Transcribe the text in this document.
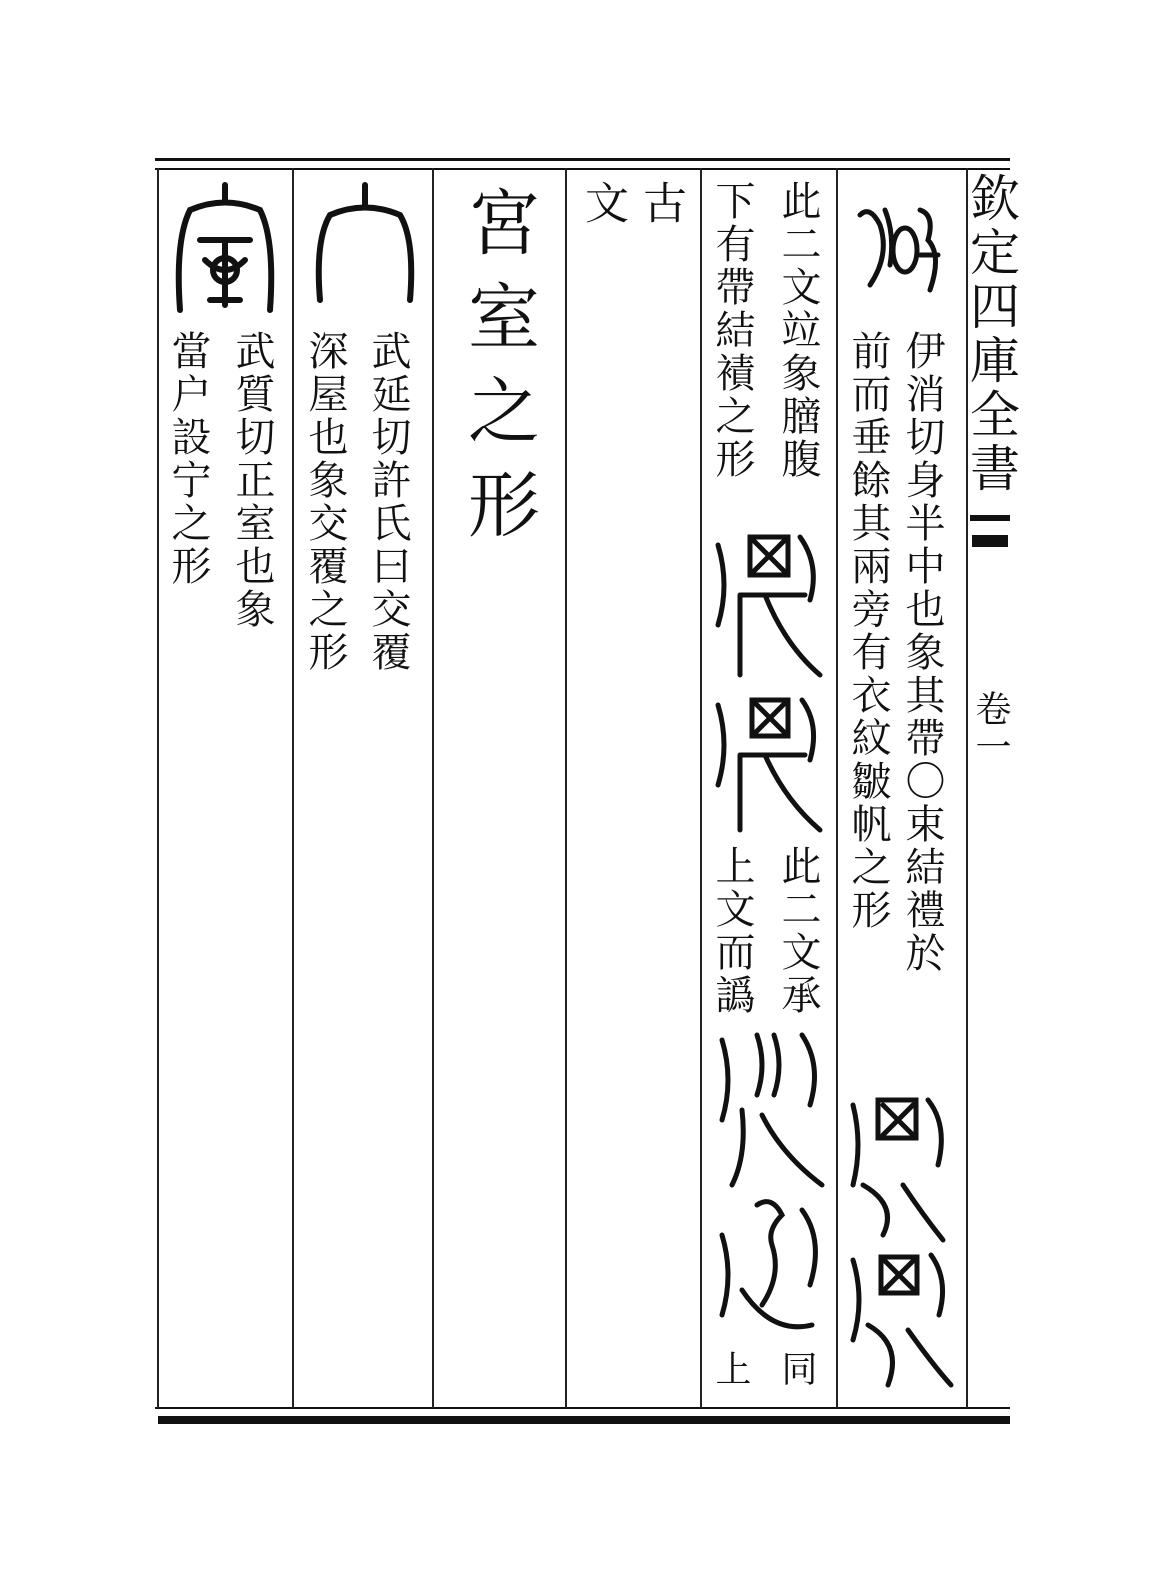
欽定四庫全書
卷一
伊消切身半中也象其帶〇束結禮於
前而垂餘其兩旁有衣紋皺帆之形
此二文竝象膪腹
下有帶結襀之形
此二文承
上文而譌
同
上
古
文
宮室之形
武延切許氏曰交覆
深屋也象交覆之形
武質切正室也象
當户設宁之形
